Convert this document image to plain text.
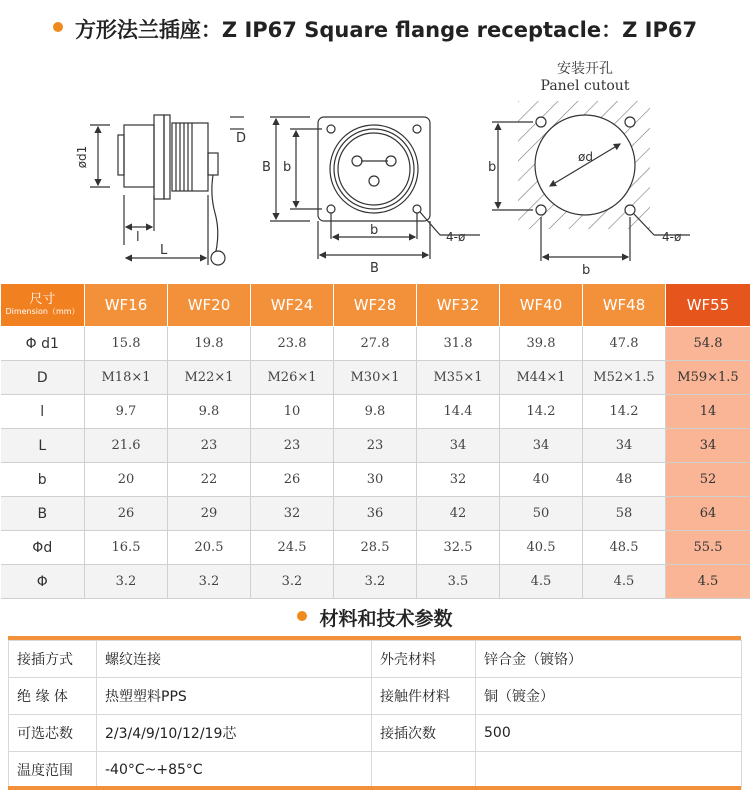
方形法兰插座：Z IP67 Square flange receptacle：Z IP67
ød1
D
l
L
B b
b
B
4-ø
安装开孔
Panel cutout
ød
b
b
4-ø
尺寸
Dimension（mm）	WF16	WF20	WF24	WF28	WF32	WF40	WF48	WF55
Φ d1	15.8	19.8	23.8	27.8	31.8	39.8	47.8	54.8
D	M18×1	M22×1	M26×1	M30×1	M35×1	M44×1	M52×1.5	M59×1.5
l	9.7	9.8	10	9.8	14.4	14.2	14.2	14
L	21.6	23	23	23	34	34	34	34
b	20	22	26	30	32	40	48	52
B	26	29	32	36	42	50	58	64
Φd	16.5	20.5	24.5	28.5	32.5	40.5	48.5	55.5
Φ	3.2	3.2	3.2	3.2	3.5	4.5	4.5	4.5
材料和技术参数
接插方式	螺纹连接	外壳材料	锌合金（镀铬）
绝 缘 体	热塑塑料PPS	接触件材料	铜（镀金）
可选芯数	2/3/4/9/10/12/19芯	接插次数	500
温度范围	-40°C~+85°C		
